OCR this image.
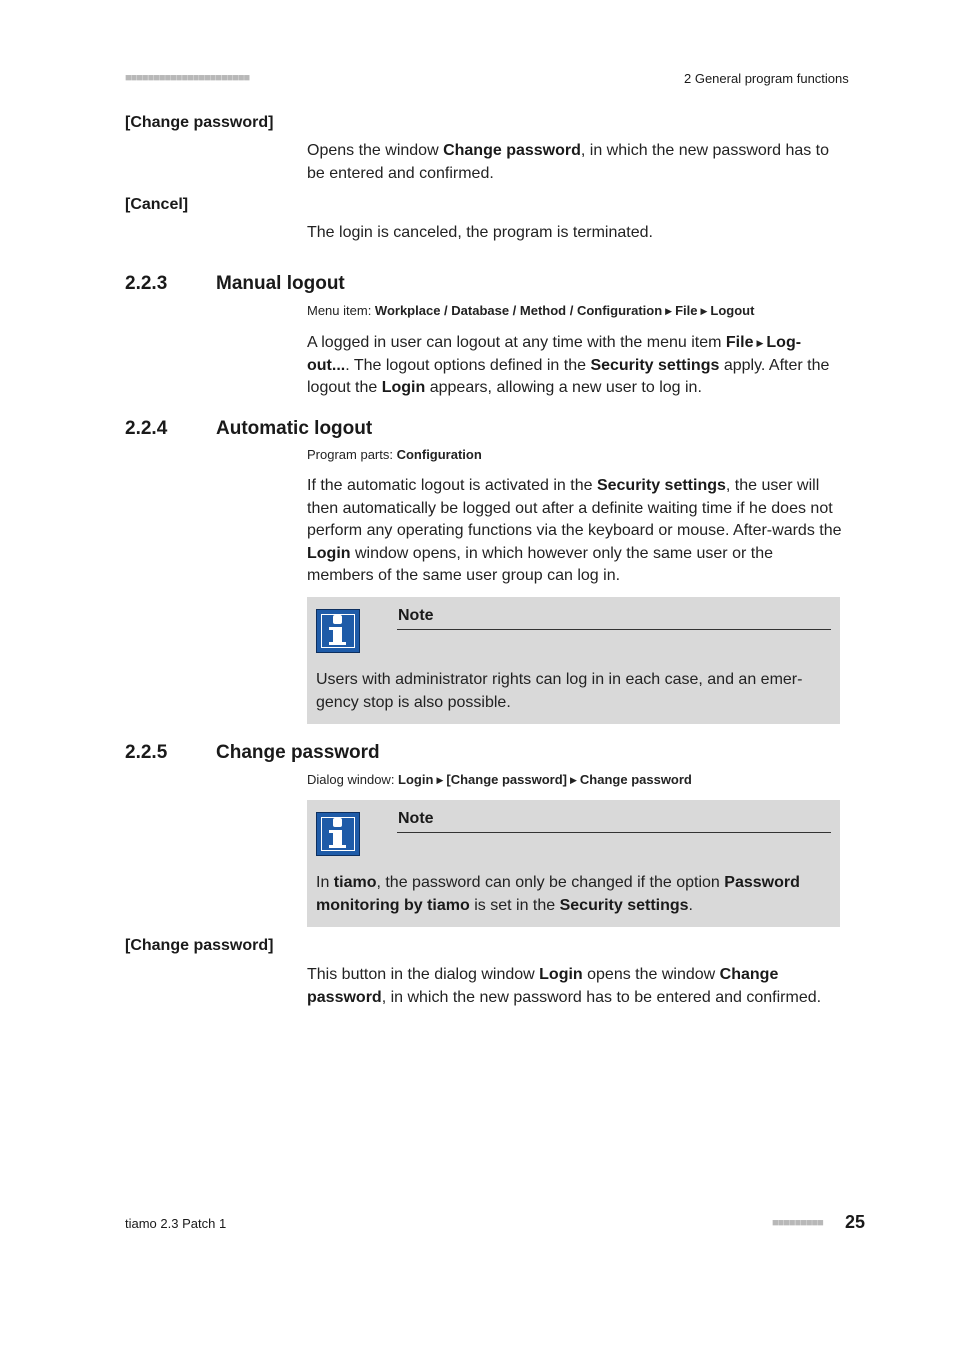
■■■■■■■■■■■■■■■■■■■■■■	2 General program functions
[Change password]
Opens the window Change password, in which the new password has to be entered and confirmed.
[Cancel]
The login is canceled, the program is terminated.
2.2.3	Manual logout
Menu item: Workplace / Database / Method / Configuration ▶ File ▶ Logout
A logged in user can logout at any time with the menu item File ▶ Log-out.... The logout options defined in the Security settings apply. After the logout the Login appears, allowing a new user to log in.
2.2.4	Automatic logout
Program parts: Configuration
If the automatic logout is activated in the Security settings, the user will then automatically be logged out after a definite waiting time if he does not perform any operating functions via the keyboard or mouse. After-wards the Login window opens, in which however only the same user or the members of the same user group can log in.
Note
Users with administrator rights can log in in each case, and an emer-gency stop is also possible.
2.2.5	Change password
Dialog window: Login ▶ [Change password] ▶ Change password
Note
In tiamo, the password can only be changed if the option Password monitoring by tiamo is set in the Security settings.
[Change password]
This button in the dialog window Login opens the window Change password, in which the new password has to be entered and confirmed.
tiamo 2.3 Patch 1	■■■■■■■■■ 25
